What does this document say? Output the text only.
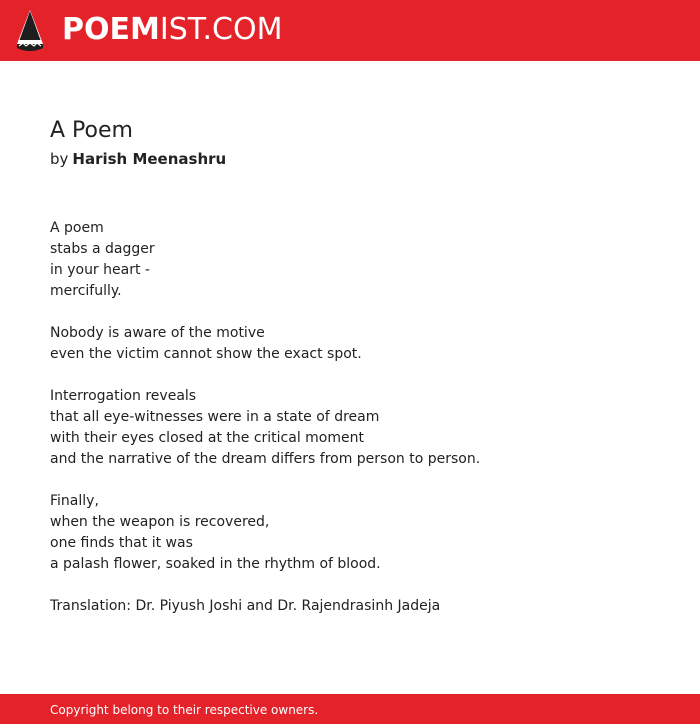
POEMIST.COM
A Poem
by Harish Meenashru
A poem
stabs a dagger
in your heart -
mercifully.
Nobody is aware of the motive
even the victim cannot show the exact spot.
Interrogation reveals
that all eye-witnesses were in a state of dream
with their eyes closed at the critical moment
and the narrative of the dream differs from person to person.
Finally,
when the weapon is recovered,
one finds that it was
a palash flower, soaked in the rhythm of blood.
Translation: Dr. Piyush Joshi and Dr. Rajendrasinh Jadeja
Copyright belong to their respective owners.
